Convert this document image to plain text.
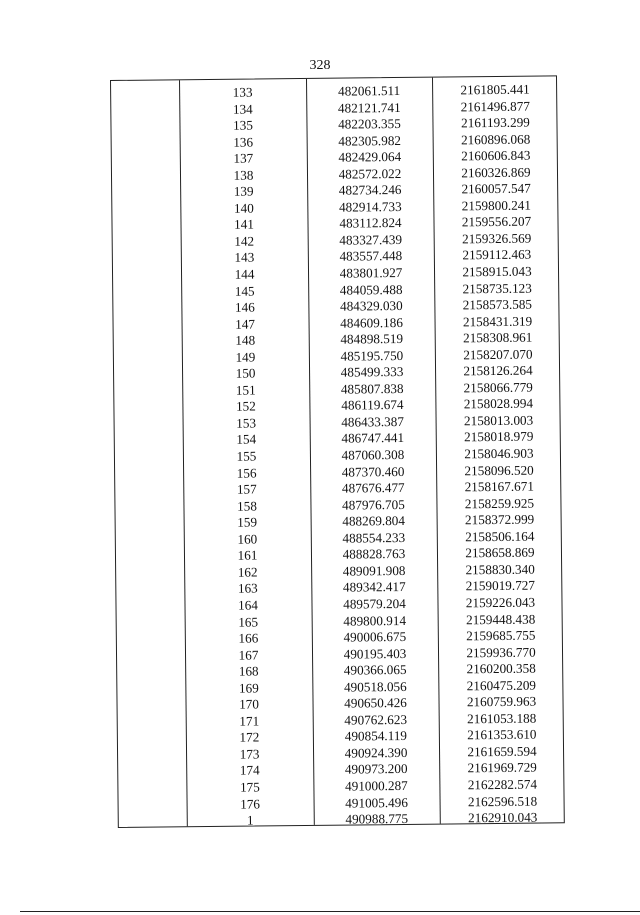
328
133	482061.511	2161805.441
134	482121.741	2161496.877
135	482203.355	2161193.299
136	482305.982	2160896.068
137	482429.064	2160606.843
138	482572.022	2160326.869
139	482734.246	2160057.547
140	482914.733	2159800.241
141	483112.824	2159556.207
142	483327.439	2159326.569
143	483557.448	2159112.463
144	483801.927	2158915.043
145	484059.488	2158735.123
146	484329.030	2158573.585
147	484609.186	2158431.319
148	484898.519	2158308.961
149	485195.750	2158207.070
150	485499.333	2158126.264
151	485807.838	2158066.779
152	486119.674	2158028.994
153	486433.387	2158013.003
154	486747.441	2158018.979
155	487060.308	2158046.903
156	487370.460	2158096.520
157	487676.477	2158167.671
158	487976.705	2158259.925
159	488269.804	2158372.999
160	488554.233	2158506.164
161	488828.763	2158658.869
162	489091.908	2158830.340
163	489342.417	2159019.727
164	489579.204	2159226.043
165	489800.914	2159448.438
166	490006.675	2159685.755
167	490195.403	2159936.770
168	490366.065	2160200.358
169	490518.056	2160475.209
170	490650.426	2160759.963
171	490762.623	2161053.188
172	490854.119	2161353.610
173	490924.390	2161659.594
174	490973.200	2161969.729
175	491000.287	2162282.574
176	491005.496	2162596.518
1	490988.775	2162910.043
